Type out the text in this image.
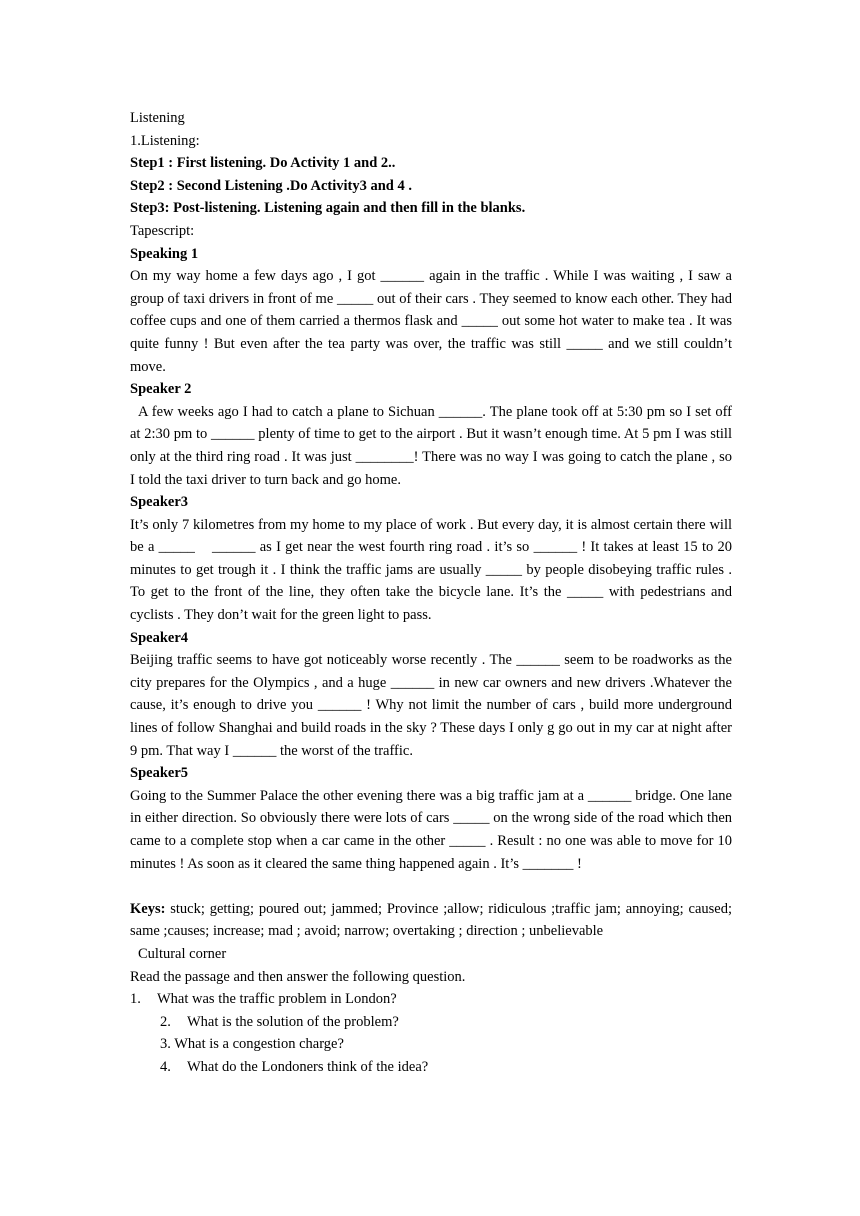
Listening
1.Listening:
Step1 : First listening. Do Activity 1 and 2..
Step2 : Second Listening .Do Activity3 and 4 .
Step3: Post-listening. Listening again and then fill in the blanks.
Tapescript:
Speaking 1
On my way home a few days ago , I got ______ again in the traffic . While I was waiting , I saw a group of taxi drivers in front of me _____ out of their cars . They seemed to know each other. They had coffee cups and one of them carried a thermos flask and _____ out some hot water to make tea . It was quite funny ! But even after the tea party was over, the traffic was still _____ and we still couldn’t move.
Speaker 2
A few weeks ago I had to catch a plane to Sichuan ______. The plane took off at 5:30 pm so I set off at 2:30 pm to ______ plenty of time to get to the airport . But it wasn’t enough time. At 5 pm I was still only at the third ring road . It was just ________! There was no way I was going to catch the plane , so I told the taxi driver to turn back and go home.
Speaker3
It’s only 7 kilometres from my home to my place of work . But every day, it is almost certain there will be a _____    ______ as I get near the west fourth ring road . it’s so ______ ! It takes at least 15 to 20 minutes to get trough it . I think the traffic jams are usually _____ by people disobeying traffic rules . To get to the front of the line, they often take the bicycle lane. It’s the _____ with pedestrians and cyclists . They don’t wait for the green light to pass.
Speaker4
Beijing traffic seems to have got noticeably worse recently . The ______ seem to be roadworks as the city prepares for the Olympics , and a huge ______ in new car owners and new drivers .Whatever the cause, it’s enough to drive you ______ ! Why not limit the number of cars , build more underground lines of follow Shanghai and build roads in the sky ? These days I only g go out in my car at night after 9 pm. That way I ______ the worst of the traffic.
Speaker5
Going to the Summer Palace the other evening there was a big traffic jam at a ______ bridge. One lane in either direction. So obviously there were lots of cars _____ on the wrong side of the road which then came to a complete stop when a car came in the other _____ . Result : no one was able to move for 10 minutes ! As soon as it cleared the same thing happened again . It’s _______ !
Keys: stuck; getting; poured out; jammed; Province ;allow; ridiculous ;traffic jam; annoying; caused; same ;causes; increase; mad ; avoid; narrow; overtaking ; direction ; unbelievable
Cultural corner
Read the passage and then answer the following question.
1. What was the traffic problem in London?
2. What is the solution of the problem?
3. What is a congestion charge?
4. What do the Londoners think of the idea?
